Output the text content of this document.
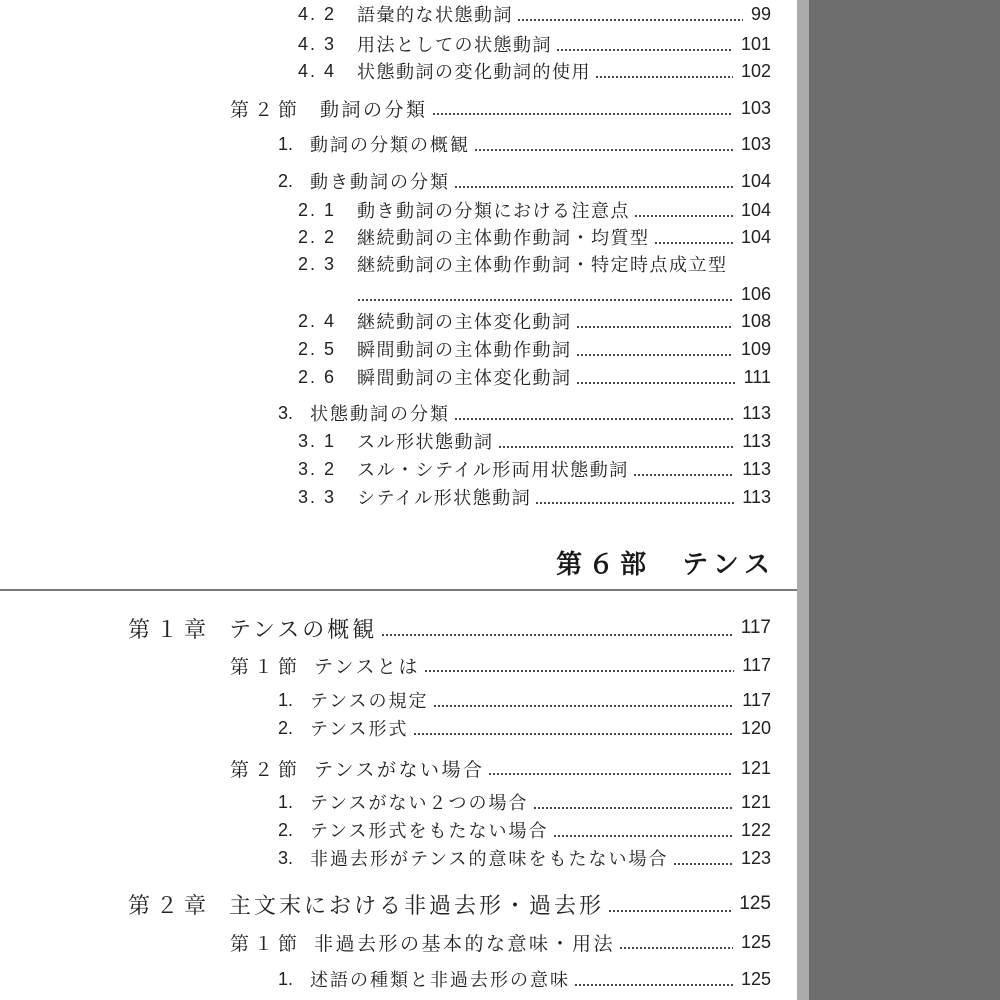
4. 2	語彙的な状態動詞	99
4. 3	用法としての状態動詞	101
4. 4	状態動詞の変化動詞的使用	102
第２節 動詞の分類	103
1. 動詞の分類の概観	103
2. 動き動詞の分類	104
2. 1	動き動詞の分類における注意点	104
2. 2	継続動詞の主体動作動詞・均質型	104
2. 3	継続動詞の主体動作動詞・特定時点成立型
106
2. 4	継続動詞の主体変化動詞	108
2. 5	瞬間動詞の主体動作動詞	109
2. 6	瞬間動詞の主体変化動詞	111
3. 状態動詞の分類	113
3. 1	スル形状態動詞	113
3. 2	スル・シテイル形両用状態動詞	113
3. 3	シテイル形状態動詞	113
第６部 テンス
第１章 テンスの概観	117
第１節 テンスとは	117
1. テンスの規定	117
2. テンス形式	120
第２節 テンスがない場合	121
1. テンスがない２つの場合	121
2. テンス形式をもたない場合	122
3. 非過去形がテンス的意味をもたない場合	123
第２章 主文末における非過去形・過去形	125
第１節 非過去形の基本的な意味・用法	125
1. 述語の種類と非過去形の意味	125
